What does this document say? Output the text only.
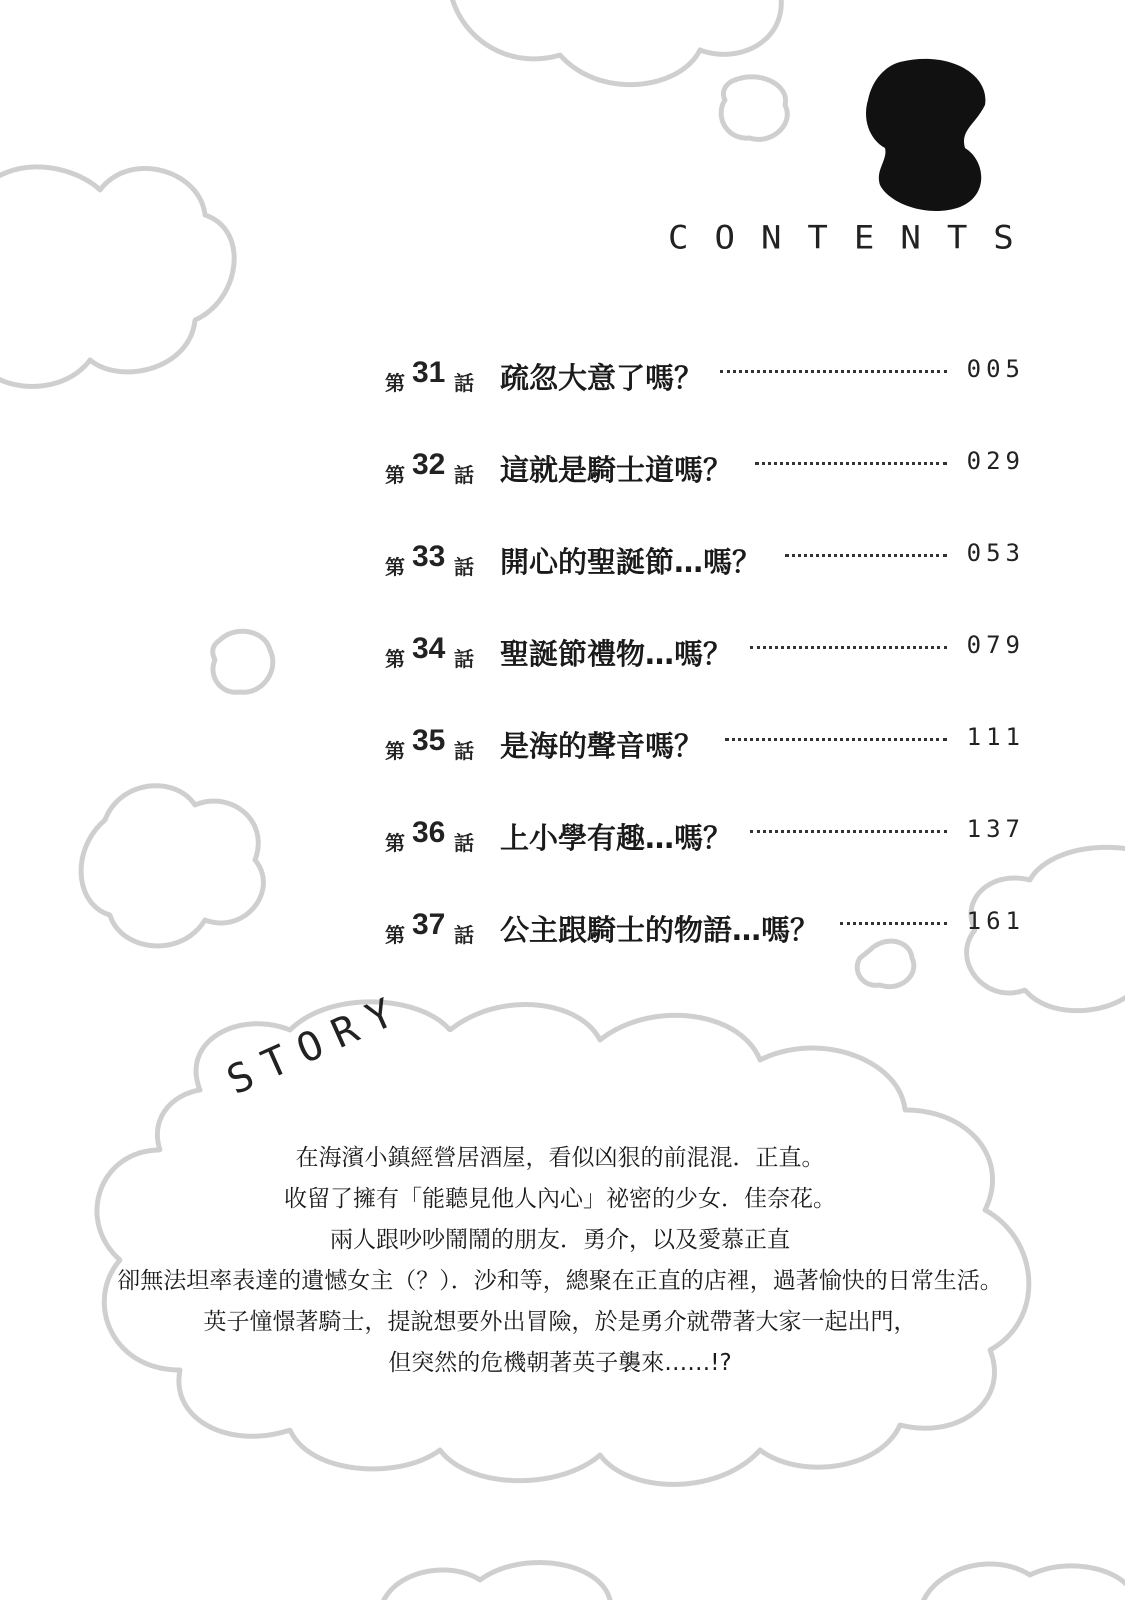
CONTENTS
第 31 話 疏忽大意了嗎？	005
第 32 話 這就是騎士道嗎？	029
第 33 話 開心的聖誕節…嗎？	053
第 34 話 聖誕節禮物…嗎？	079
第 35 話 是海的聲音嗎？	111
第 36 話 上小學有趣…嗎？	137
第 37 話 公主跟騎士的物語…嗎？	161
STORY
在海濱小鎮經營居酒屋，看似凶狠的前混混．正直。
收留了擁有「能聽見他人內心」祕密的少女．佳奈花。
兩人跟吵吵鬧鬧的朋友．勇介，以及愛慕正直
卻無法坦率表達的遺憾女主（？）．沙和等，總聚在正直的店裡，過著愉快的日常生活。
英子憧憬著騎士，提說想要外出冒險，於是勇介就帶著大家一起出門，
但突然的危機朝著英子襲來……!?
